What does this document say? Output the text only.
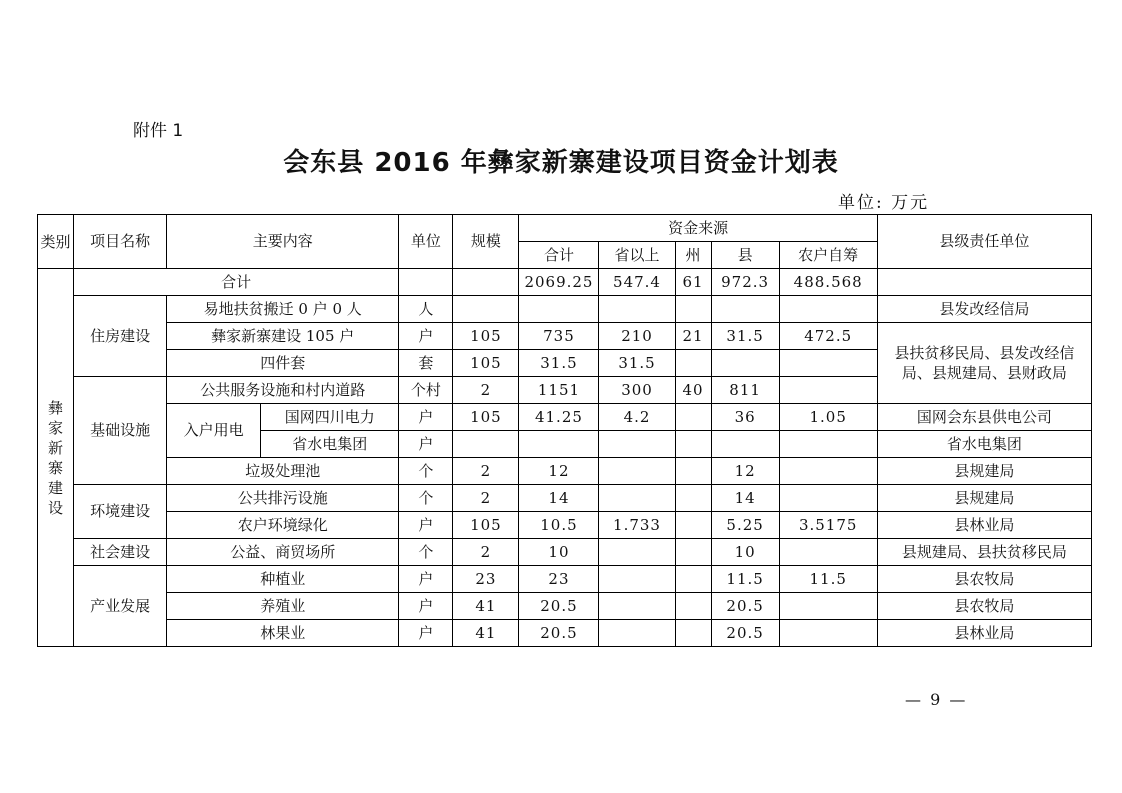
附件 1
会东县 2016 年彝家新寨建设项目资金计划表
单位: 万元
类别	项目名称	主要内容		单位	规模	资金来源					县级责任单位
						合计	省以上	州	县	农户自筹	

彝家新寨建设	合计					2069.25	547.4	61	972.3	488.568	
	住房建设	易地扶贫搬迁 0 户 0 人		人							县发改经信局
		彝家新寨建设 105 户		户	105	735	210	21	31.5	472.5	县扶贫移民局、县发改经信局、县规建局、县财政局
		四件套		套	105	31.5	31.5				
	基础设施	公共服务设施和村内道路		个村	2	1151	300	40	811		
		入户用电	国网四川电力	户	105	41.25	4.2		36	1.05	国网会东县供电公司
			省水电集团	户							省水电集团
		垃圾处理池		个	2	12			12		县规建局
	环境建设	公共排污设施		个	2	14			14		县规建局
		农户环境绿化		户	105	10.5	1.733		5.25	3.5175	县林业局
	社会建设	公益、商贸场所		个	2	10			10		县规建局、县扶贫移民局
	产业发展	种植业		户	23	23			11.5	11.5	县农牧局
		养殖业		户	41	20.5			20.5		县农牧局
		林果业		户	41	20.5			20.5		县林业局
— 9 —
